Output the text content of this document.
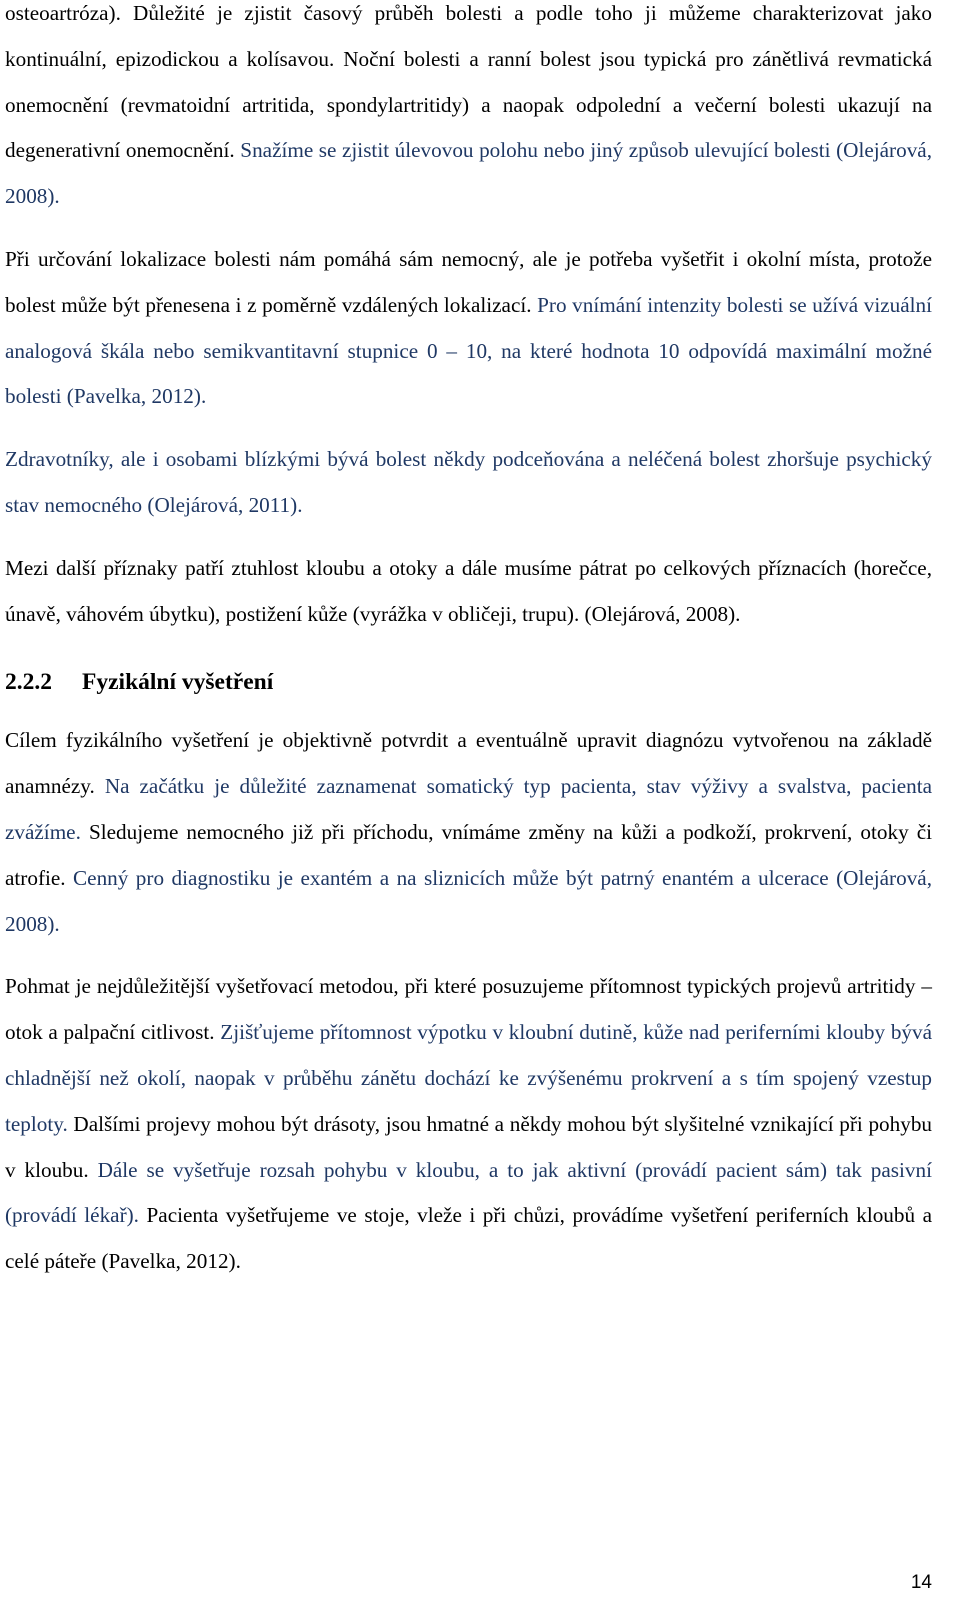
osteoartróza). Důležité je zjistit časový průběh bolesti a podle toho ji můžeme charakterizovat jako kontinuální, epizodickou a kolísavou. Noční bolesti a ranní bolest jsou typická pro zánětlivá revmatická onemocnění (revmatoidní artritida, spondylartritidy) a naopak odpolední a večerní bolesti ukazují na degenerativní onemocnění. Snažíme se zjistit úlevovou polohu nebo jiný způsob ulevující bolesti (Olejárová, 2008).

Při určování lokalizace bolesti nám pomáhá sám nemocný, ale je potřeba vyšetřit i okolní místa, protože bolest může být přenesena i z poměrně vzdálených lokalizací. Pro vnímání intenzity bolesti se užívá vizuální analogová škála nebo semikvantitavní stupnice 0 – 10, na které hodnota 10 odpovídá maximální možné bolesti (Pavelka, 2012).

Zdravotníky, ale i osobami blízkými bývá bolest někdy podceňována a neléčená bolest zhoršuje psychický stav nemocného (Olejárová, 2011).

Mezi další příznaky patří ztuhlost kloubu a otoky a dále musíme pátrat po celkových příznacích (horečce, únavě, váhovém úbytku), postižení kůže (vyrážka v obličeji, trupu). (Olejárová, 2008).

2.2.2 Fyzikální vyšetření

Cílem fyzikálního vyšetření je objektivně potvrdit a eventuálně upravit diagnózu vytvořenou na základě anamnézy. Na začátku je důležité zaznamenat somatický typ pacienta, stav výživy a svalstva, pacienta zvážíme. Sledujeme nemocného již při příchodu, vnímáme změny na kůži a podkoží, prokrvení, otoky či atrofie. Cenný pro diagnostiku je exantém a na sliznicích může být patrný enantém a ulcerace (Olejárová, 2008).

Pohmat je nejdůležitější vyšetřovací metodou, při které posuzujeme přítomnost typických projevů artritidy – otok a palpační citlivost. Zjišťujeme přítomnost výpotku v kloubní dutině, kůže nad periferními klouby bývá chladnější než okolí, naopak v průběhu zánětu dochází ke zvýšenému prokrvení a s tím spojený vzestup teploty. Dalšími projevy mohou být drásoty, jsou hmatné a někdy mohou být slyšitelné vznikající při pohybu v kloubu. Dále se vyšetřuje rozsah pohybu v kloubu, a to jak aktivní (provádí pacient sám) tak pasivní (provádí lékař). Pacienta vyšetřujeme ve stoje, vleže i při chůzi, provádíme vyšetření periferních kloubů a celé páteře (Pavelka, 2012).

14
